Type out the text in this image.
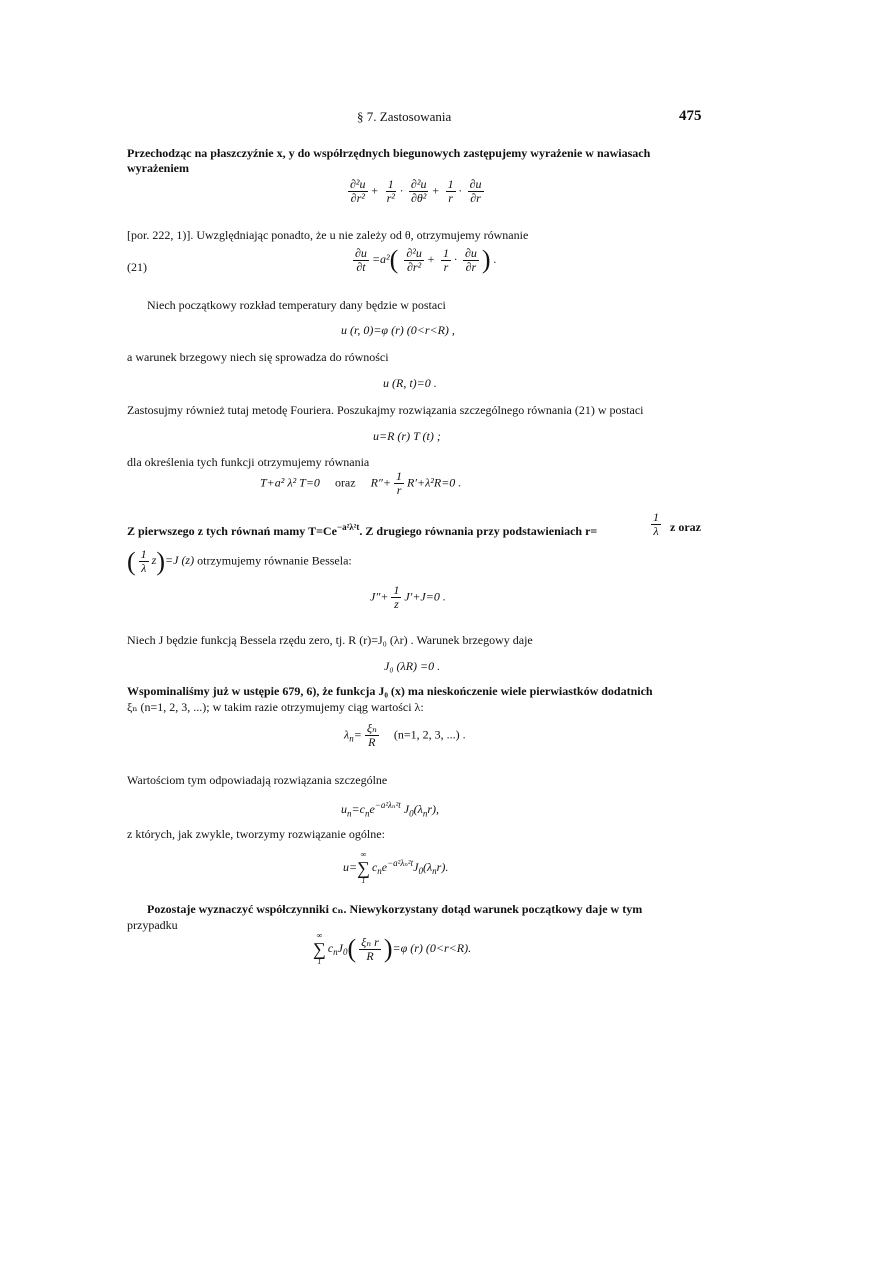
§ 7. Zastosowania	475
Przechodząc na płaszczyźnie x, y do współrzędnych biegunowych zastępujemy wyrażenie w nawiasach
wyrażeniem
$\frac{\text{∂²u}}{\text{∂r²}} + \frac{1}{\text{r²}} \cdot \frac{\text{∂²u}}{\text{∂θ²}} + \frac{1}{r} \cdot \frac{\partial u}{\partial r}$
[por. 222, 1)]. Uwzględniając ponadto, że u nie zależy od θ, otrzymujemy równanie
(21)	$\frac{\partial u}{\partial t} =a^2( \frac{\text{∂²u}}{\text{∂r²}} + \frac{1}{r} \cdot \frac{\partial u}{\partial r}$ ) .
Niech początkowy rozkład temperatury dany będzie w postaci
u (r, 0)=φ (r) (0<r<R) ,
a warunek brzegowy niech się sprowadza do równości
u (R, t)=0 .
Zastosujmy również tutaj metodę Fouriera. Poszukajmy rozwiązania szczególnego równania (21) w postaci
u=R (r) T (t) ;
dla określenia tych funkcji otrzymujemy równania
T+a² λ² T=0 oraz     $R''+ \frac{1}{r} R'+\lambda^2R=0$ .
Z pierwszego z tych równań mamy $T=Ce^{-a^2\lambda^2t}$. Z drugiego równania przy podstawieniach r=	$\frac{1}{\lambda}$ z oraz
( $\frac{1}{\lambda} z)=J$ (z) otrzymujemy równanie Bessela:
$J''+ \frac{1}{z} J'+J=0$ .
Niech J będzie funkcją Bessela rzędu zero, tj. R (r)=J₀ (λr) . Warunek brzegowy daje
J₀ (λR) =0 .
Wspominaliśmy już w ustępie 679, 6), że funkcja J₀ (x) ma nieskończenie wiele pierwiastków dodatnich
ξₙ (n=1, 2, 3, ...); w takim razie otrzymujemy ciąg wartości λ:
$\lambda_n= \frac{\text{ξₙ}}{R} (n=1$, 2, 3, ...) .
Wartościom tym odpowiadają rozwiązania szczególne
$u_n=c_ne^{-a^2\lambda_n^2t}$ $J_0(\lambda_nr)$,
z których, jak zwykle, tworzymy rozwiązanie ogólne:
u=
∞
∑
1
$c_ne^{-a^2\lambda_n^2t}J_0(\lambda_nr)$.
Pozostaje wyznaczyć współczynniki cₙ. Niewykorzystany dotąd warunek początkowy daje w tym
przypadku
∞
∑
1
$c_nJ_0( \frac{\text{ξₙ r}}{R} )=\varphi$ (r) (0<r<R).
